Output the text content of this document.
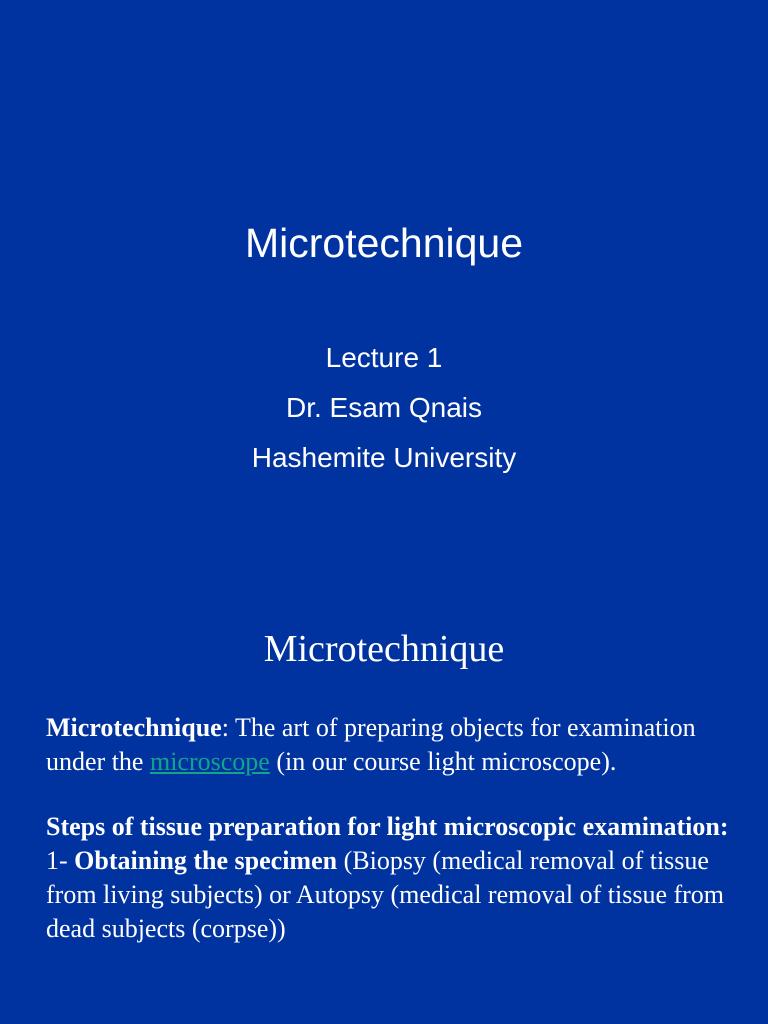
Microtechnique
Lecture 1
Dr. Esam Qnais
Hashemite University
Microtechnique

Microtechnique: The art of preparing objects for examination under the microscope (in our course light microscope).

Steps of tissue preparation for light microscopic examination:

1- Obtaining the specimen (Biopsy (medical removal of tissue from living subjects) or Autopsy (medical removal of tissue from dead subjects (corpse))
